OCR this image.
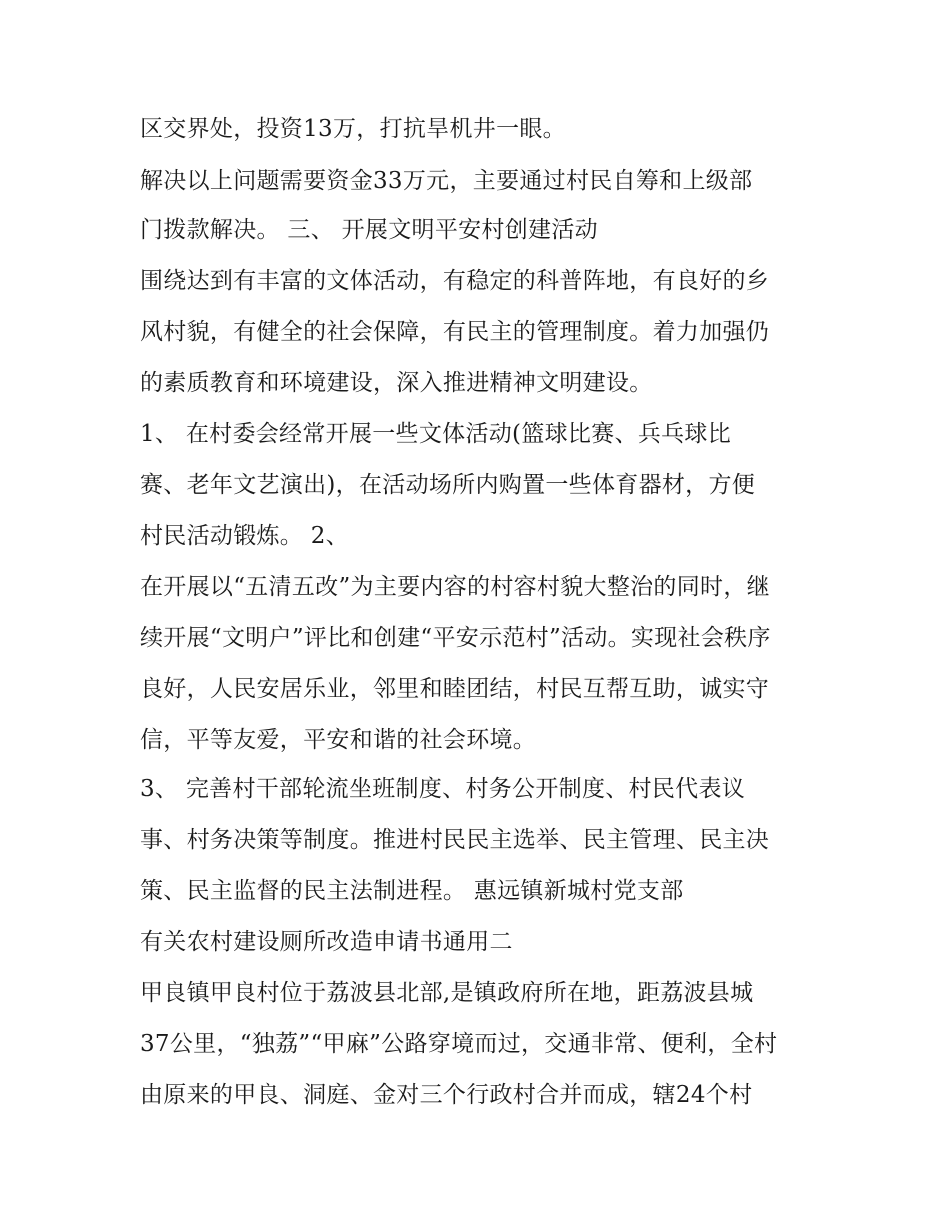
区交界处，投资13万，打抗旱机井一眼。
解决以上问题需要资金33万元，主要通过村民自筹和上级部
门拨款解决。 三、 开展文明平安村创建活动
围绕达到有丰富的文体活动，有稳定的科普阵地，有良好的乡
风村貌，有健全的社会保障，有民主的管理制度。着力加强仍
的素质教育和环境建设，深入推进精神文明建设。
1、 在村委会经常开展一些文体活动(篮球比赛、兵乓球比
赛、老年文艺演出)，在活动场所内购置一些体育器材，方便
村民活动锻炼。 2、
在开展以“五清五改”为主要内容的村容村貌大整治的同时，继
续开展“文明户”评比和创建“平安示范村”活动。实现社会秩序
良好，人民安居乐业，邻里和睦团结，村民互帮互助，诚实守
信，平等友爱，平安和谐的社会环境。
3、 完善村干部轮流坐班制度、村务公开制度、村民代表议
事、村务决策等制度。推进村民民主选举、民主管理、民主决
策、民主监督的民主法制进程。 惠远镇新城村党支部
有关农村建设厕所改造申请书通用二
甲良镇甲良村位于荔波县北部,是镇政府所在地，距荔波县城
37公里，“独荔”“甲麻”公路穿境而过，交通非常、便利，全村
由原来的甲良、洞庭、金对三个行政村合并而成，辖24个村
